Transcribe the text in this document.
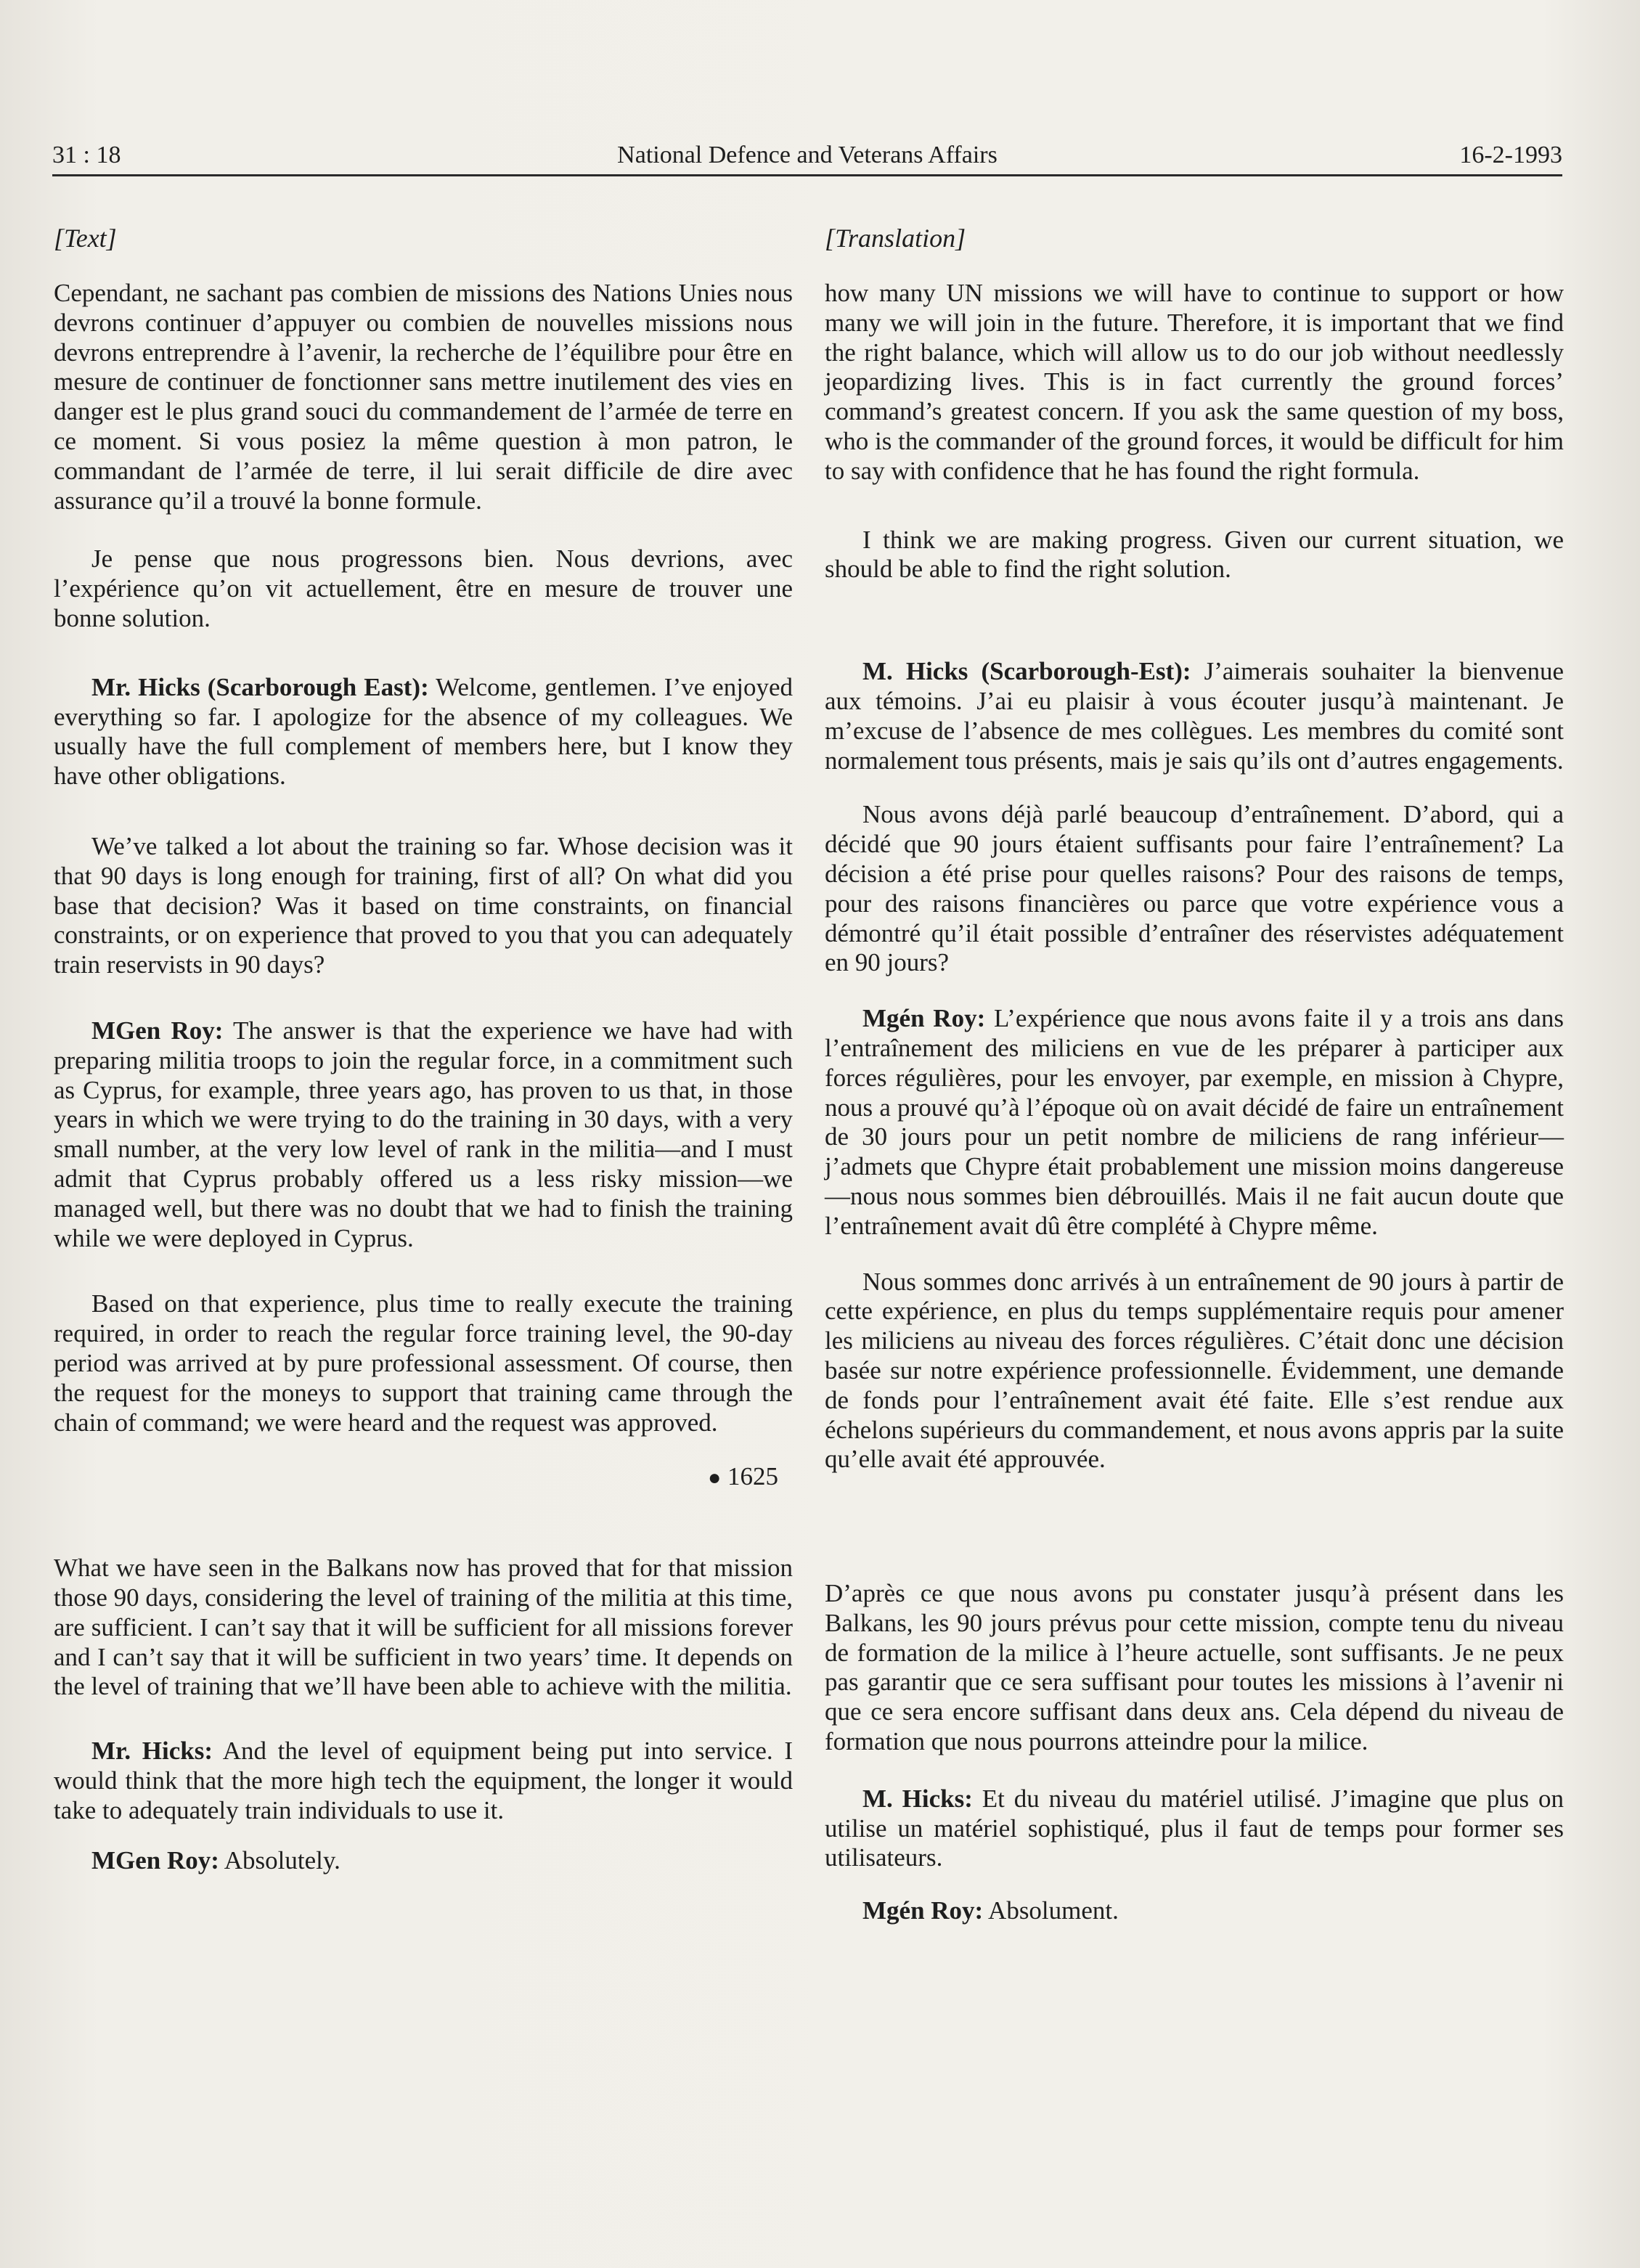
31 : 18	National Defence and Veterans Affairs	16-2-1993
[Text]

Cependant, ne sachant pas combien de missions des Nations Unies nous devrons continuer d’appuyer ou combien de nouvelles missions nous devrons entreprendre à l’avenir, la recherche de l’équilibre pour être en mesure de continuer de fonctionner sans mettre inutilement des vies en danger est le plus grand souci du commandement de l’armée de terre en ce moment. Si vous posiez la même question à mon patron, le commandant de l’armée de terre, il lui serait difficile de dire avec assurance qu’il a trouvé la bonne formule.

Je pense que nous progressons bien. Nous devrions, avec l’expérience qu’on vit actuellement, être en mesure de trouver une bonne solution.

Mr. Hicks (Scarborough East): Welcome, gentlemen. I’ve enjoyed everything so far. I apologize for the absence of my colleagues. We usually have the full complement of members here, but I know they have other obligations.

We’ve talked a lot about the training so far. Whose decision was it that 90 days is long enough for training, first of all? On what did you base that decision? Was it based on time constraints, on financial constraints, or on experience that proved to you that you can adequately train reservists in 90 days?

MGen Roy: The answer is that the experience we have had with preparing militia troops to join the regular force, in a commitment such as Cyprus, for example, three years ago, has proven to us that, in those years in which we were trying to do the training in 30 days, with a very small number, at the very low level of rank in the militia—and I must admit that Cyprus probably offered us a less risky mission—we managed well, but there was no doubt that we had to finish the training while we were deployed in Cyprus.

Based on that experience, plus time to really execute the training required, in order to reach the regular force training level, the 90-day period was arrived at by pure professional assessment. Of course, then the request for the moneys to support that training came through the chain of command; we were heard and the request was approved.

● 1625

What we have seen in the Balkans now has proved that for that mission those 90 days, considering the level of training of the militia at this time, are sufficient. I can’t say that it will be sufficient for all missions forever and I can’t say that it will be sufficient in two years’ time. It depends on the level of training that we’ll have been able to achieve with the militia.

Mr. Hicks: And the level of equipment being put into service. I would think that the more high tech the equipment, the longer it would take to adequately train individuals to use it.

MGen Roy: Absolutely.

[Translation]

how many UN missions we will have to continue to support or how many we will join in the future. Therefore, it is important that we find the right balance, which will allow us to do our job without needlessly jeopardizing lives. This is in fact currently the ground forces’ command’s greatest concern. If you ask the same question of my boss, who is the commander of the ground forces, it would be difficult for him to say with confidence that he has found the right formula.

I think we are making progress. Given our current situation, we should be able to find the right solution.

M. Hicks (Scarborough-Est): J’aimerais souhaiter la bienvenue aux témoins. J’ai eu plaisir à vous écouter jusqu’à maintenant. Je m’excuse de l’absence de mes collègues. Les membres du comité sont normalement tous présents, mais je sais qu’ils ont d’autres engagements.

Nous avons déjà parlé beaucoup d’entraînement. D’abord, qui a décidé que 90 jours étaient suffisants pour faire l’entraînement? La décision a été prise pour quelles raisons? Pour des raisons de temps, pour des raisons financières ou parce que votre expérience vous a démontré qu’il était possible d’entraîner des réservistes adéquatement en 90 jours?

Mgén Roy: L’expérience que nous avons faite il y a trois ans dans l’entraînement des miliciens en vue de les préparer à participer aux forces régulières, pour les envoyer, par exemple, en mission à Chypre, nous a prouvé qu’à l’époque où on avait décidé de faire un entraînement de 30 jours pour un petit nombre de miliciens de rang inférieur—j’admets que Chypre était probablement une mission moins dangereuse—nous nous sommes bien débrouillés. Mais il ne fait aucun doute que l’entraînement avait dû être complété à Chypre même.

Nous sommes donc arrivés à un entraînement de 90 jours à partir de cette expérience, en plus du temps supplémentaire requis pour amener les miliciens au niveau des forces régulières. C’était donc une décision basée sur notre expérience professionnelle. Évidemment, une demande de fonds pour l’entraînement avait été faite. Elle s’est rendue aux échelons supérieurs du commandement, et nous avons appris par la suite qu’elle avait été approuvée.

D’après ce que nous avons pu constater jusqu’à présent dans les Balkans, les 90 jours prévus pour cette mission, compte tenu du niveau de formation de la milice à l’heure actuelle, sont suffisants. Je ne peux pas garantir que ce sera suffisant pour toutes les missions à l’avenir ni que ce sera encore suffisant dans deux ans. Cela dépend du niveau de formation que nous pourrons atteindre pour la milice.

M. Hicks: Et du niveau du matériel utilisé. J’imagine que plus on utilise un matériel sophistiqué, plus il faut de temps pour former ses utilisateurs.

Mgén Roy: Absolument.
